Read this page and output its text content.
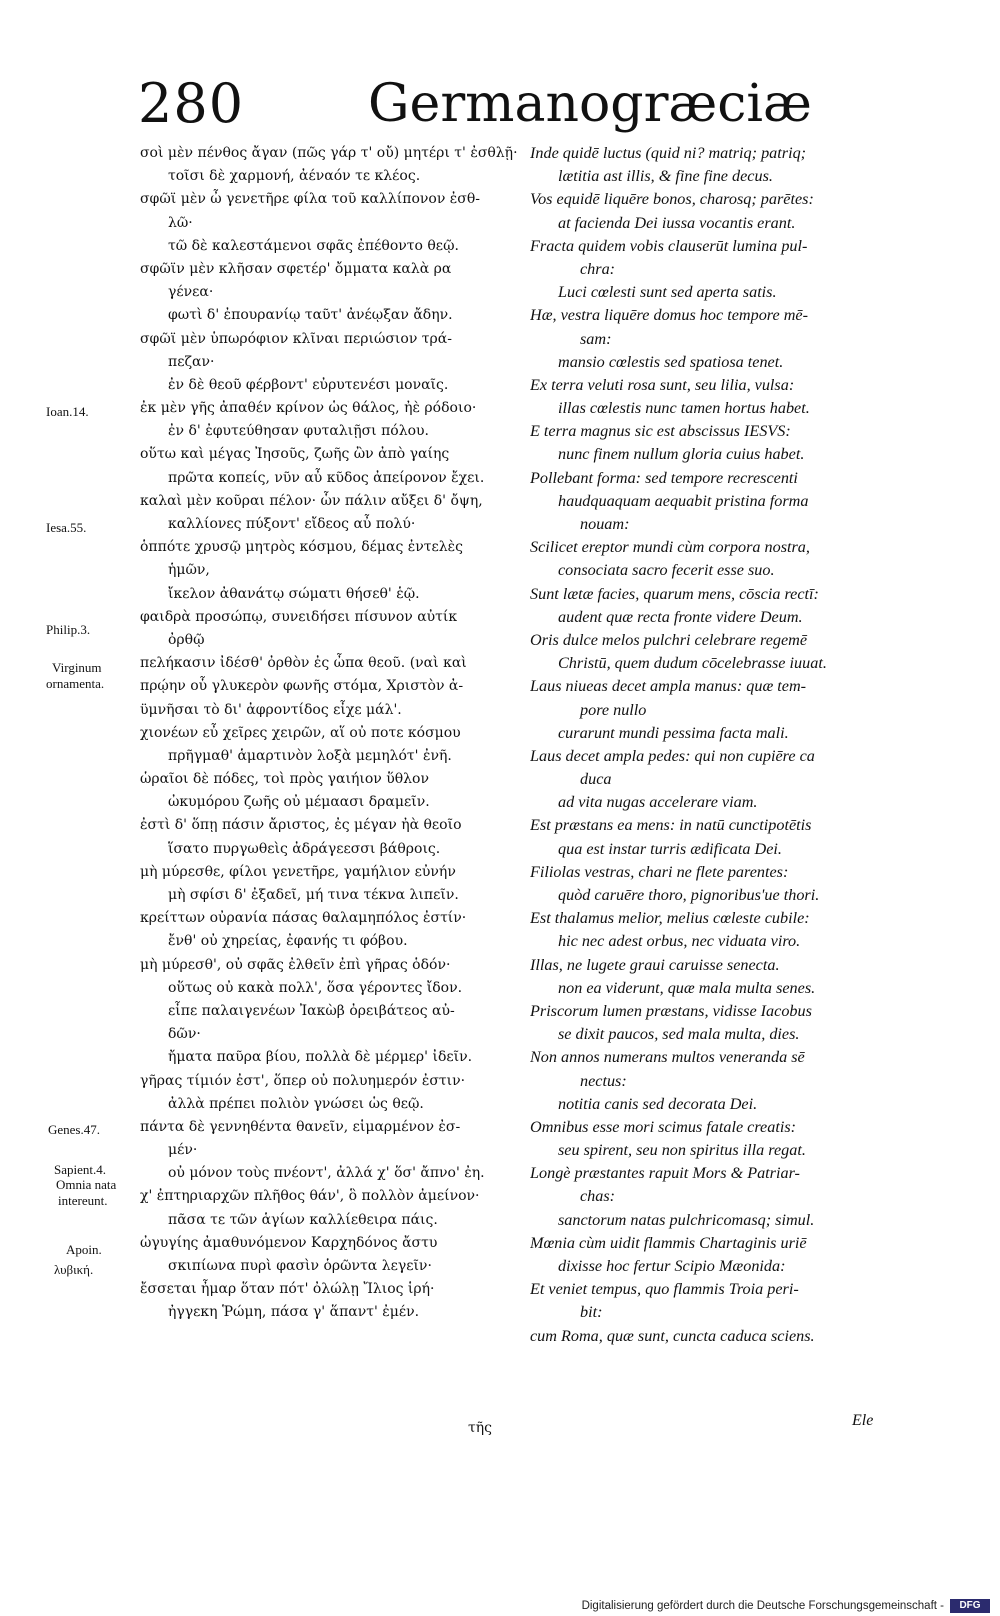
280 Germanogræciæ
Ioan.14.
Iesa.55.
Philip.3.
Virginum
ornamenta.
Genes.47.
Sapient.4.
Omnia nata
intereunt.
Apoin.
λυβική.
σοὶ μὲν πένθος ἄγαν (πῶς γάρ τ' οὔ) μητέρι τ' ἐσθλῇ·
τοῖσι δὲ χαρμονή, ἀέναόν τε κλέος.
σφῶϊ μὲν ὦ γενετῆρε φίλα τοῦ καλλίπονον ἐσθ-
λῶ·
τῶ δὲ καλεστάμενοι σφᾶς ἐπέθοντο θεῷ.
σφῶϊν μὲν κλῆσαν σφετέρ' ὄμματα καλὰ ρα
γένεα·
φωτὶ δ' ἐπουρανίῳ ταῦτ' ἀνέῳξαν ἄδην.
σφῶϊ μὲν ὑπωρόφιον κλῖναι περιώσιον τρά-
πεζαν·
ἐν δὲ θεοῦ φέρβοντ' εὐρυτενέσι μοναῖς.
ἐκ μὲν γῆς ἀπαθέν κρίνον ὡς θάλος, ἠὲ ρόδοιο·
ἐν δ' ἐφυτεύθησαν φυταλιῇσι πόλου.
οὕτω καὶ μέγας Ἰησοῦς, ζωῆς ὢν ἀπὸ γαίης
πρῶτα κοπείς, νῦν αὖ κῦδος ἀπείρονον ἔχει.
καλαὶ μὲν κοῦραι πέλον· ὧν πάλιν αὔξει δ' ὄψη,
καλλίονες πύξοντ' εἴδεος αὖ πολύ·
ὁππότε χρυσῷ μητρὸς κόσμου, δέμας ἐντελὲς
ἡμῶν,
ἴκελον ἀθανάτῳ σώματι θήσεθ' ἑῷ.
φαιδρὰ προσώπῳ, συνειδήσει πίσυνον αὐτίκ
ὀρθῷ
πελήκασιν ἰδέσθ' ὀρθὸν ἐς ὦπα θεοῦ. (ναὶ καὶ
πρῴην οὗ γλυκερὸν φωνῆς στόμα, Χριστὸν ἀ-
ϋμνῆσαι τὸ δι' ἀφροντίδος εἶχε μάλ'.
χιονέων εὖ χεῖρες χειρῶν, αἵ οὐ ποτε κόσμου
πρῆγμαθ' ἁμαρτινὸν λοξὰ μεμηλότ' ἐνῆ.
ὡραῖοι δὲ πόδες, τοὶ πρὸς γαιήιον ὕθλον
ὠκυμόρου ζωῆς οὐ μέμαασι δραμεῖν.
ἐστὶ δ' ὅπῃ πάσιν ἄριστος, ἐς μέγαν ἠὰ θεοῖο
ἵσατο πυργωθεὶς ἀδράγεεσσι βάθροις.
μὴ μύρεσθε, φίλοι γενετῆρε, γαμήλιον εὐνήν
μὴ σφίσι δ' ἐξαδεῖ, μή τινα τέκνα λιπεῖν.
κρείττων οὐρανία πάσας θαλαμηπόλος ἐστίν·
ἔνθ' οὐ χηρείας, ἐφανής τι φόβου.
μὴ μύρεσθ', οὐ σφᾶς ἐλθεῖν ἐπὶ γῆρας ὁδόν·
οὕτως οὐ κακὰ πολλ', ὅσα γέροντες ἴδον.
εἶπε παλαιγενέων Ἰακὼβ ὀρειβάτεος αὐ-
δῶν·
ἤματα παῦρα βίου, πολλὰ δὲ μέρμερ' ἰδεῖν.
γῆρας τίμιόν ἐστ', ὅπερ οὐ πολυημερόν ἐστιν·
ἀλλὰ πρέπει πολιὸν γνώσει ὡς θεῷ.
πάντα δὲ γεννηθέντα θανεῖν, εἱμαρμένον ἐσ-
μέν·
οὐ μόνον τοὺς πνέοντ', ἀλλά χ' ὅσ' ἄπνο' ἐη.
χ' ἐπτηριαρχῶν πλῆθος θάν', ὃ πολλὸν ἀμείνον·
πᾶσα τε τῶν ἁγίων καλλίεθειρα πάις.
ὠγυγίης ἀμαθυνόμενον Καρχηδόνος ἄστυ
σκιπίωνα πυρὶ φασὶν ὁρῶντα λεγεῖν·
ἔσσεται ἦμαρ ὅταν πότ' ὀλώλῃ Ἴλιος ἱρή·
ἠγγεκη Ῥώμη, πάσα γ' ἅπαντ' ἐμέν.
Inde quidē luctus (quid ni? matriq; patriq;
lætitia ast illis, & fine fine decus.
Vos equidē liquēre bonos, charosq; parētes:
at facienda Dei iussa vocantis erant.
Fracta quidem vobis clauserūt lumina pul-
chra:
Luci cœlesti sunt sed aperta satis.
Hæ, vestra liquēre domus hoc tempore mē-
sam:
mansio cœlestis sed spatiosa tenet.
Ex terra veluti rosa sunt, seu lilia, vulsa:
illas cœlestis nunc tamen hortus habet.
E terra magnus sic est abscissus IESVS:
nunc finem nullum gloria cuius habet.
Pollebant forma: sed tempore recrescenti
haudquaquam aequabit pristina forma
nouam:
Scilicet ereptor mundi cùm corpora nostra,
consociata sacro fecerit esse suo.
Sunt lætæ facies, quarum mens, cōscia rectī:
audent quæ recta fronte videre Deum.
Oris dulce melos pulchri celebrare regemē
Christū, quem dudum cōcelebrasse iuuat.
Laus niueas decet ampla manus: quæ tem-
pore nullo
curarunt mundi pessima facta mali.
Laus decet ampla pedes: qui non cupiēre ca
duca
ad vita nugas accelerare viam.
Est præstans ea mens: in natū cunctipotētis
qua est instar turris ædificata Dei.
Filiolas vestras, chari ne flete parentes:
quòd caruēre thoro, pignoribus'ue thori.
Est thalamus melior, melius cœleste cubile:
hic nec adest orbus, nec viduata viro.
Illas, ne lugete graui caruisse senecta.
non ea viderunt, quæ mala multa senes.
Priscorum lumen præstans, vidisse Iacobus
se dixit paucos, sed mala multa, dies.
Non annos numerans multos veneranda sē
nectus:
notitia canis sed decorata Dei.
Omnibus esse mori scimus fatale creatis:
seu spirent, seu non spiritus illa regat.
Longè præstantes rapuit Mors & Patriar-
chas:
sanctorum natas pulchricomasq; simul.
Mœnia cùm uidit flammis Chartaginis uriē
dixisse hoc fertur Scipio Mæonida:
Et veniet tempus, quo flammis Troia peri-
bit:
cum Roma, quæ sunt, cuncta caduca sciens.
τῆς	Ele
Digitalisierung gefördert durch die Deutsche Forschungsgemeinschaft -	DFG
